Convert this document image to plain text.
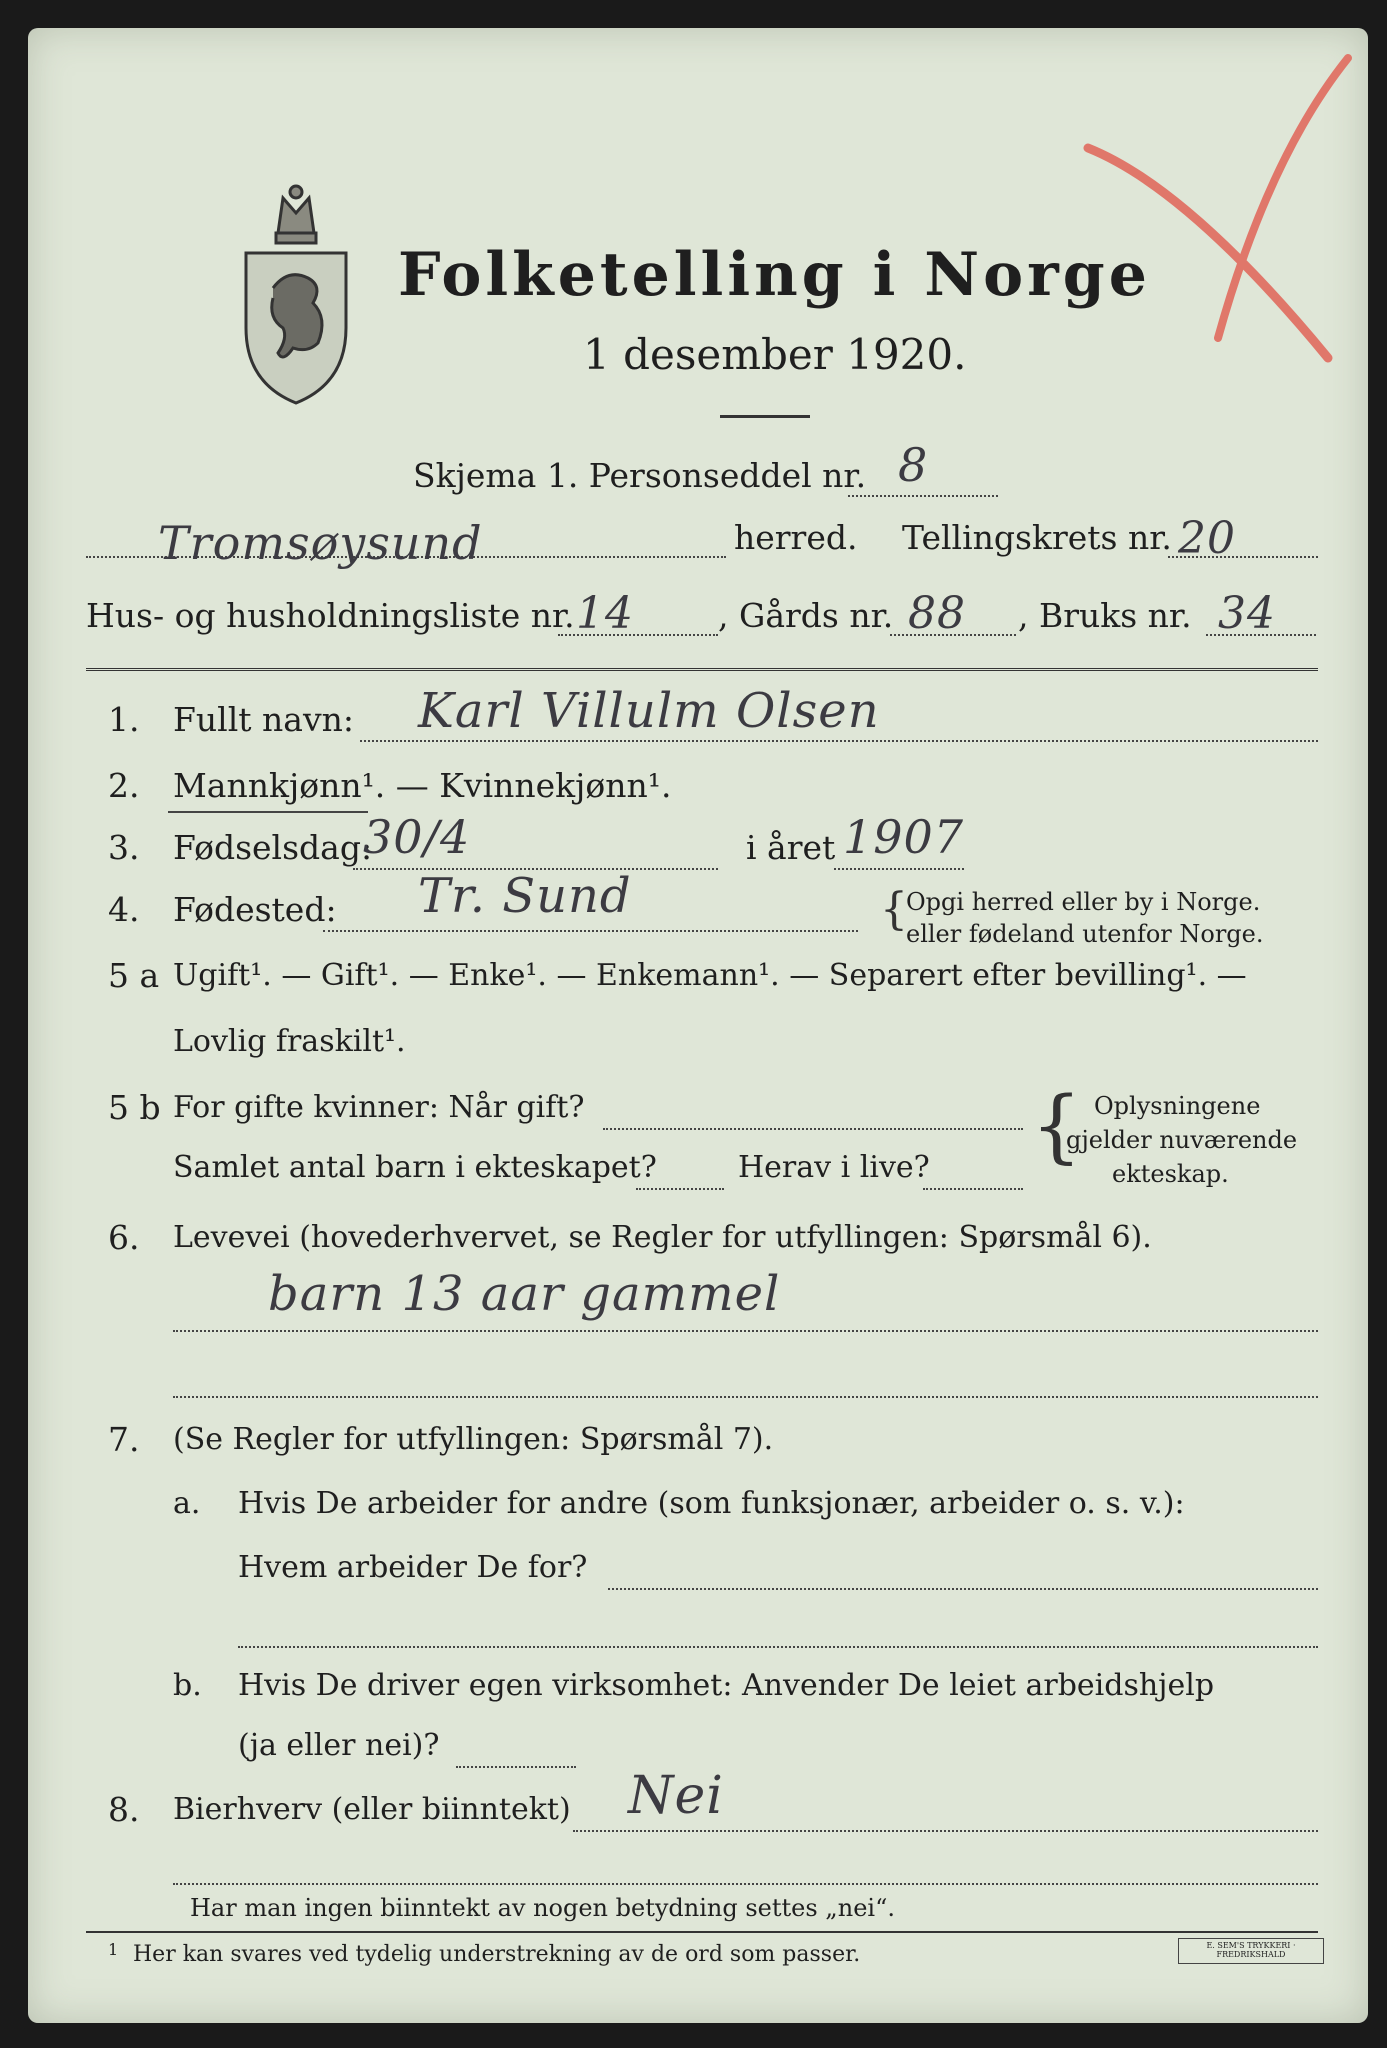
Folketelling i Norge
1 desember 1920.
Skjema 1. Personseddel nr. 8
Tromsøysund	herred. Tellingskrets nr. 20
Hus- og husholdningsliste nr. 14	, Gårds nr. 88 , Bruks nr. 34
1. Fullt navn: Karl Villulm Olsen
2. Mannkjønn¹. — Kvinnekjønn¹.
3. Fødselsdag:
30/4	i året 1907
4. Fødested: Tr. Sund	{
Opgi herred eller by i Norge.
eller fødeland utenfor Norge.
5 a Ugift¹. — Gift¹. — Enke¹. — Enkemann¹. — Separert efter bevilling¹. —
Lovlig fraskilt¹.
5 b For gifte kvinner: Når gift?
Samlet antal barn i ekteskapet?	Herav i live? { Oplysningene
gjelder nuværende
ekteskap.
6. Levevei (hovederhvervet, se Regler for utfyllingen: Spørsmål 6).
barn 13 aar gammel
7. (Se Regler for utfyllingen: Spørsmål 7).
a. Hvis De arbeider for andre (som funksjonær, arbeider o. s. v.):
Hvem arbeider De for?
b. Hvis De driver egen virksomhet: Anvender De leiet arbeidshjelp
(ja eller nei)?
8. Bierhverv (eller biinntekt) Nei
Har man ingen biinntekt av nogen betydning settes „nei“.
1 Her kan svares ved tydelig understrekning av de ord som passer.	E. SEM'S TRYKKERI · FREDRIKSHALD
